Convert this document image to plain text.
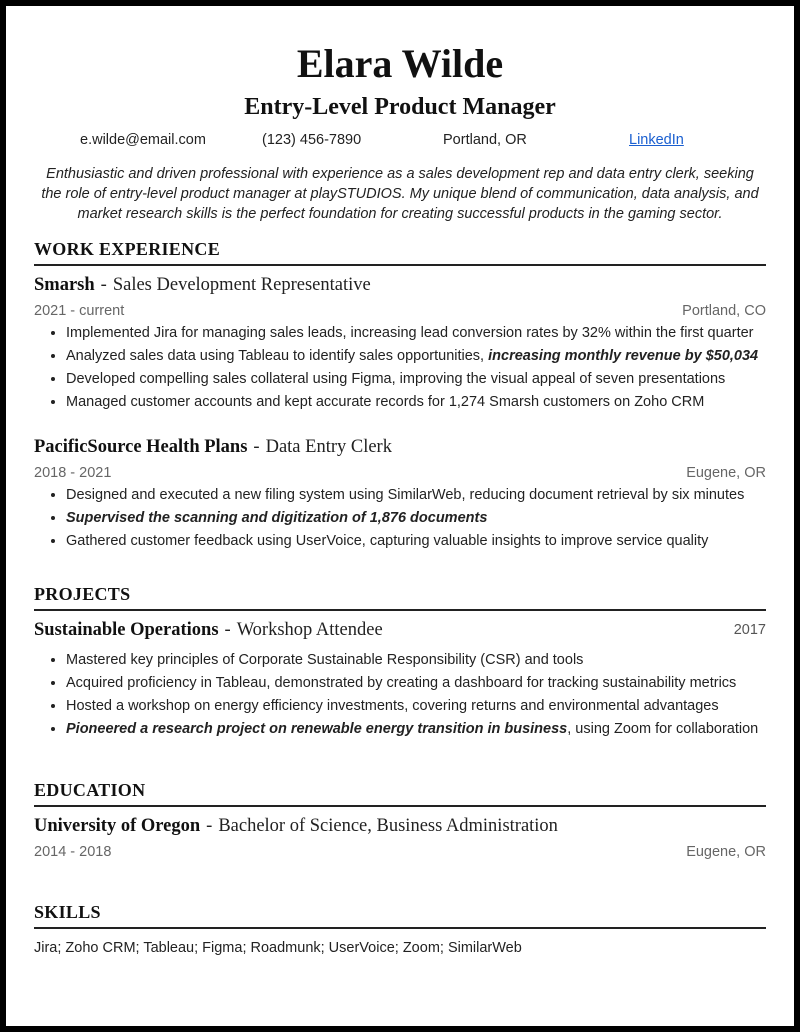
Elara Wilde
Entry-Level Product Manager
e.wilde@email.com	(123) 456-7890	Portland, OR	LinkedIn
Enthusiastic and driven professional with experience as a sales development rep and data entry clerk, seeking the role of entry-level product manager at playSTUDIOS. My unique blend of communication, data analysis, and market research skills is the perfect foundation for creating successful products in the gaming sector.
WORK EXPERIENCE
Smarsh - Sales Development Representative
2021 - current	Portland, CO
• Implemented Jira for managing sales leads, increasing lead conversion rates by 32% within the first quarter
• Analyzed sales data using Tableau to identify sales opportunities, increasing monthly revenue by $50,034
• Developed compelling sales collateral using Figma, improving the visual appeal of seven presentations
• Managed customer accounts and kept accurate records for 1,274 Smarsh customers on Zoho CRM
PacificSource Health Plans - Data Entry Clerk
2018 - 2021	Eugene, OR
• Designed and executed a new filing system using SimilarWeb, reducing document retrieval by six minutes
• Supervised the scanning and digitization of 1,876 documents
• Gathered customer feedback using UserVoice, capturing valuable insights to improve service quality
PROJECTS
Sustainable Operations - Workshop Attendee	2017
• Mastered key principles of Corporate Sustainable Responsibility (CSR) and tools
• Acquired proficiency in Tableau, demonstrated by creating a dashboard for tracking sustainability metrics
• Hosted a workshop on energy efficiency investments, covering returns and environmental advantages
• Pioneered a research project on renewable energy transition in business, using Zoom for collaboration
EDUCATION
University of Oregon - Bachelor of Science, Business Administration
2014 - 2018	Eugene, OR
SKILLS
Jira; Zoho CRM; Tableau; Figma; Roadmunk; UserVoice; Zoom; SimilarWeb
